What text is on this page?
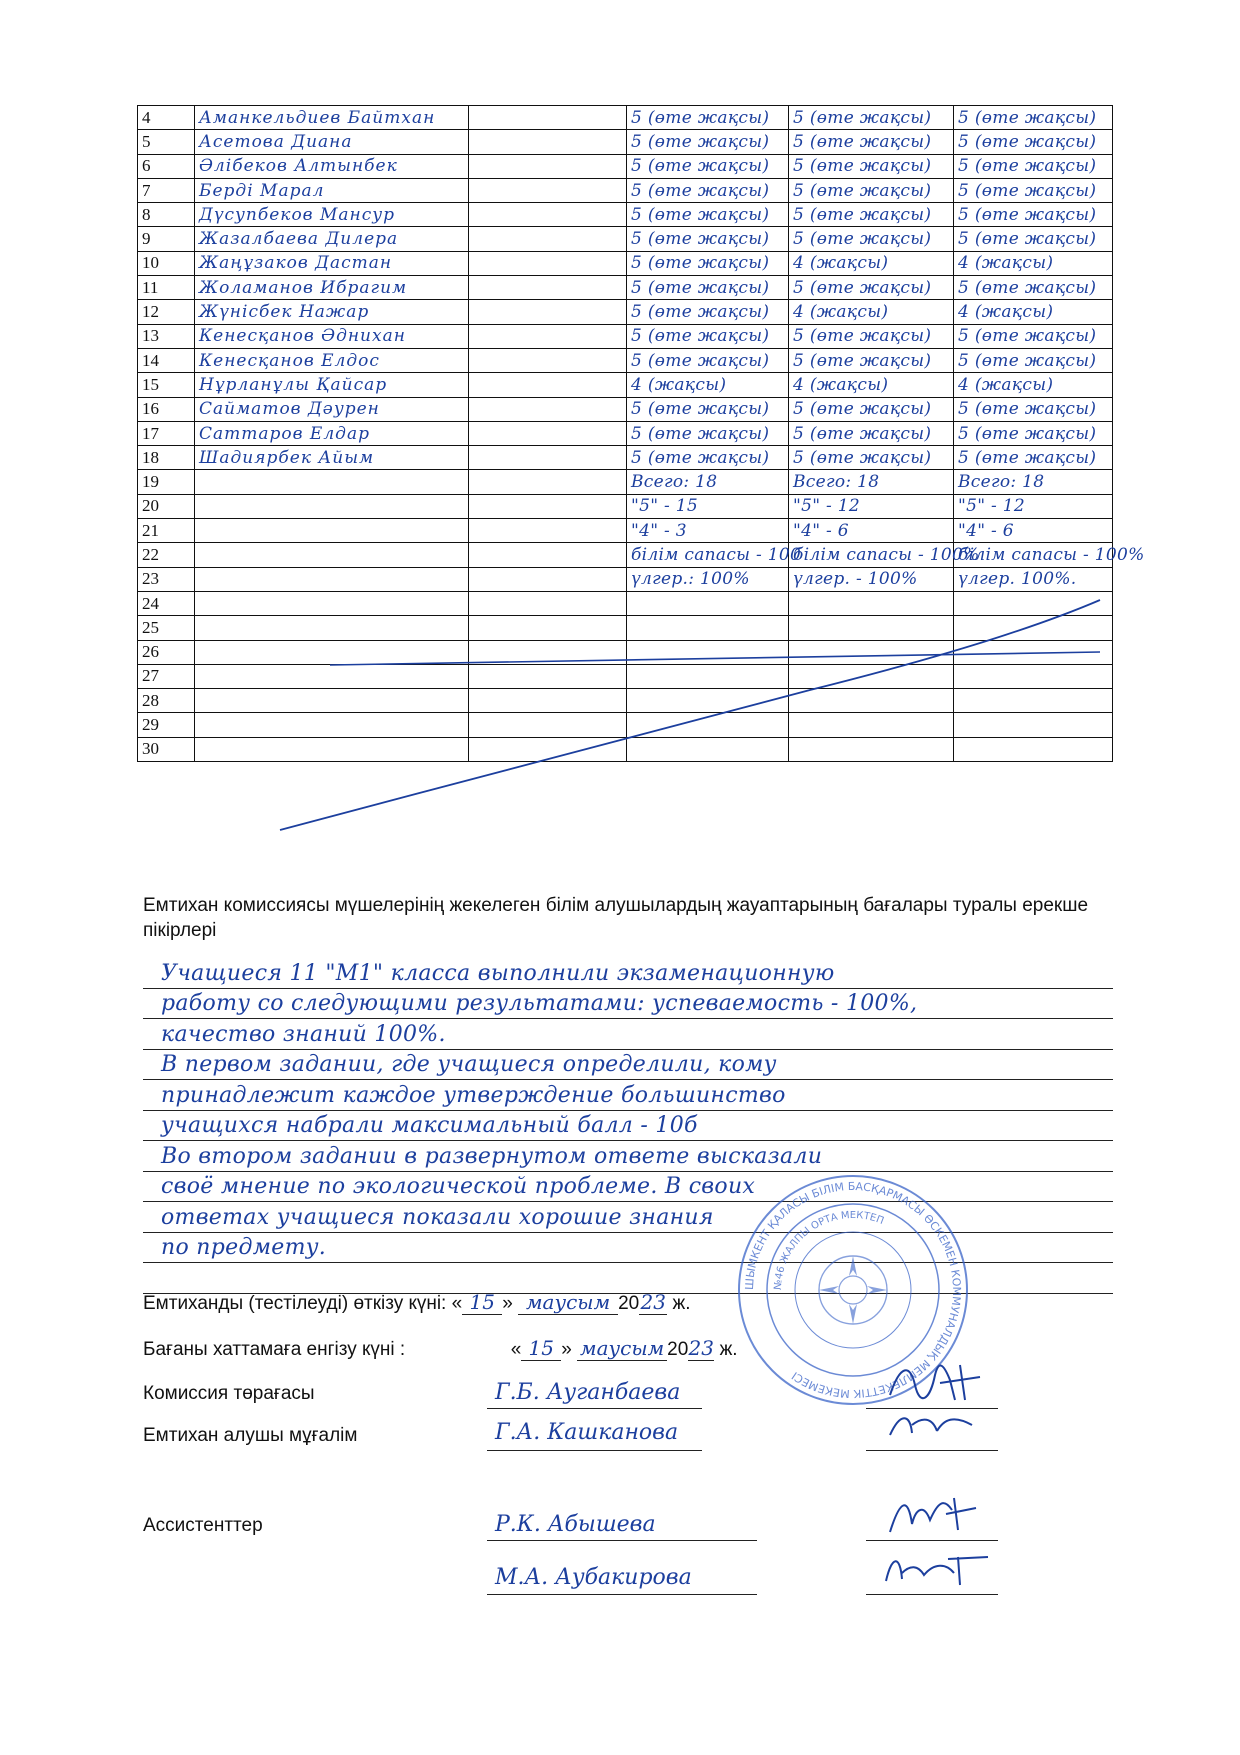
4	Аманкельдиев Байтхан		5 (өте жақсы)	5 (өте жақсы)	5 (өте жақсы)
5	Асетова Диана		5 (өте жақсы)	5 (өте жақсы)	5 (өте жақсы)
6	Әлібеков Алтынбек		5 (өте жақсы)	5 (өте жақсы)	5 (өте жақсы)
7	Берді Марал		5 (өте жақсы)	5 (өте жақсы)	5 (өте жақсы)
8	Дүсупбеков Мансур		5 (өте жақсы)	5 (өте жақсы)	5 (өте жақсы)
9	Жазалбаева Дилера		5 (өте жақсы)	5 (өте жақсы)	5 (өте жақсы)
10	Жаңұзаков Дастан		5 (өте жақсы)	4 (жақсы)	4 (жақсы)
11	Жоламанов Ибрагим		5 (өте жақсы)	5 (өте жақсы)	5 (өте жақсы)
12	Жүнісбек Нажар		5 (өте жақсы)	4 (жақсы)	4 (жақсы)
13	Кенесқанов Әднихан		5 (өте жақсы)	5 (өте жақсы)	5 (өте жақсы)
14	Кенесқанов Елдос		5 (өте жақсы)	5 (өте жақсы)	5 (өте жақсы)
15	Нұрланұлы Қайсар		4 (жақсы)	4 (жақсы)	4 (жақсы)
16	Сайматов Дәурен		5 (өте жақсы)	5 (өте жақсы)	5 (өте жақсы)
17	Саттаров Елдар		5 (өте жақсы)	5 (өте жақсы)	5 (өте жақсы)
18	Шадиярбек Айым		5 (өте жақсы)	5 (өте жақсы)	5 (өте жақсы)
19			Всего: 18	Всего: 18	Всего: 18
20			"5" - 15	"5" - 12	"5" - 12
21			"4" - 3	"4" - 6	"4" - 6
22			білім сапасы - 100	білім сапасы - 100%	білім сапасы - 100%
23			үлгер.: 100%	үлгер. - 100%	үлгер. 100%.
24					
25					
26					
27					
28					
29					
30					
Емтихан комиссиясы мүшелерінің жекелеген білім алушылардың жауаптарының бағалары туралы ерекше пікірлері
Учащиеся 11 "М1" класса выполнили экзаменационную
работу со следующими результатами: успеваемость - 100%,
качество знаний 100%.
В первом задании, где учащиеся определили, кому
принадлежит каждое утверждение большинство
учащихся набрали максимальный балл - 10б
Во втором задании в развернутом ответе высказали
своё мнение по экологической проблеме. В своих
ответах учащиеся показали хорошие знания
по предмету.
Емтиханды (тестілеуді) өткізу күні: « 15 » маусым 2023 ж.
Бағаны хаттамаға енгізу күні :	« 15 » маусым 2023 ж.
Комиссия төрағасы	Г.Б. Ауганбаева
Емтихан алушы мұғалім	Г.А. Кашканова
Ассистенттер	Р.К. Абышева
М.А. Аубакирова
ШЫМКЕНТ ҚАЛАСЫ БІЛІМ БАСҚАРМАСЫ ӨСКЕМЕН КОММУНАЛДЫҚ МЕМЛЕКЕТТІК МЕКЕМЕСІ
№46 ЖАЛПЫ ОРТА МЕКТЕП
